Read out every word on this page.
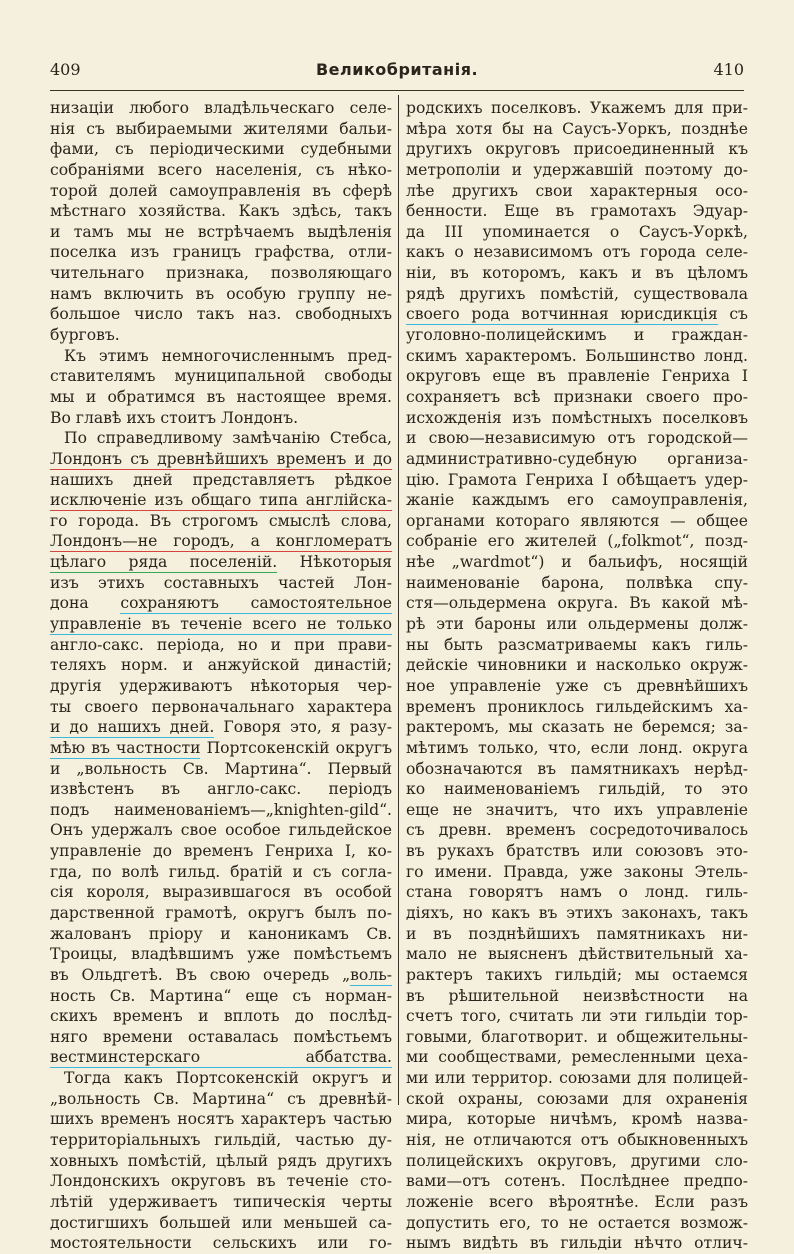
409	Великобританія.	410
низаціи любого владѣльческаго селе-
нія съ выбираемыми жителями бальи-
фами, съ періодическими судебными
собраніями всего населенія, съ нѣко-
торой долей самоуправленія въ сферѣ
мѣстнаго хозяйства. Какъ здѣсь, такъ
и тамъ мы не встрѣчаемъ выдѣленія
поселка изъ границъ графства, отли-
чительнаго признака, позволяющаго
намъ включить въ особую группу не-
большое число такъ наз. свободныхъ
бурговъ.
Къ этимъ немногочисленнымъ пред-
ставителямъ муниципальной свободы
мы и обратимся въ настоящее время.
Во главѣ ихъ стоитъ Лондонъ.
По справедливому замѣчанію Стебса,
Лондонъ съ древнѣйшихъ временъ и до
нашихъ дней представляетъ рѣдкое
исключеніе изъ общаго типа англійска-
го города. Въ строгомъ смыслѣ слова,
Лондонъ—не городъ, а конгломератъ
цѣлаго ряда поселеній. Нѣкоторыя
изъ этихъ составныхъ частей Лон-
дона сохраняютъ самостоятельное
управленіе въ теченіе всего не только
англо-сакс. періода, но и при прави-
теляхъ норм. и анжуйской династій;
другія удерживаютъ нѣкоторыя чер-
ты своего первоначальнаго характера
и до нашихъ дней. Говоря это, я разу-
мѣю въ частности Портсокенскій округъ
и „вольность Св. Мартина“. Первый
извѣстенъ въ англо-сакс. періодъ
подъ наименованіемъ—„knighten-gild“.
Онъ удержалъ свое особое гильдейское
управленіе до временъ Генриха I, ко-
гда, по волѣ гильд. братій и съ согла-
сія короля, выразившагося въ особой
дарственной грамотѣ, округъ былъ по-
жалованъ пріору и каноникамъ Св.
Троицы, владѣвшимъ уже помѣстьемъ
въ Ольдгетѣ. Въ свою очередь „воль-
ность Св. Мартина“ еще съ норман-
скихъ временъ и вплоть до послѣд-
няго времени оставалась помѣстьемъ
вестминстерскаго аббатства.
Тогда какъ Портсокенскій округъ и
„вольность Св. Мартина“ съ древнѣй-
шихъ временъ носятъ характеръ частью
территоріальныхъ гильдій, частью ду-
ховныхъ помѣстій, цѣлый рядъ другихъ
Лондонскихъ округовъ въ теченіе сто-
лѣтій удерживаетъ типическія черты
достигшихъ большей или меньшей са-
мостоятельности сельскихъ или го-
родскихъ поселковъ. Укажемъ для при-
мѣра хотя бы на Саусъ-Уоркъ, позднѣе
другихъ округовъ присоединенный къ
метрополіи и удержавшій поэтому до-
лѣе другихъ свои характерныя осо-
бенности. Еще въ грамотахъ Эдуар-
да III упоминается о Саусъ-Уоркѣ,
какъ о независимомъ отъ города селе-
ніи, въ которомъ, какъ и въ цѣломъ
рядѣ другихъ помѣстій, существовала
своего рода вотчинная юрисдикція съ
уголовно-полицейскимъ и граждан-
скимъ характеромъ. Большинство лонд.
округовъ еще въ правленіе Генриха I
сохраняетъ всѣ признаки своего про-
исхожденія изъ помѣстныхъ поселковъ
и свою—независимую отъ городской—
административно-судебную организа-
цію. Грамота Генриха I обѣщаетъ удер-
жаніе каждымъ его самоуправленія,
органами котораго являются — общее
собраніе его жителей („folkmot“, позд-
нѣе „wardmot“) и бальифъ, носящій
наименованіе барона, полвѣка спу-
стя—ольдермена округа. Въ какой мѣ-
рѣ эти бароны или ольдермены долж-
ны быть разсматриваемы какъ гиль-
дейскіе чиновники и насколько окруж-
ное управленіе уже съ древнѣйшихъ
временъ прониклось гильдейскимъ ха-
рактеромъ, мы сказать не беремся; за-
мѣтимъ только, что, если лонд. округа
обозначаются въ памятникахъ нерѣд-
ко наименованіемъ гильдій, то это
еще не значитъ, что ихъ управленіе
съ древн. временъ сосредоточивалось
въ рукахъ братствъ или союзовъ это-
го имени. Правда, уже законы Этель-
стана говорятъ намъ о лонд. гиль-
діяхъ, но какъ въ этихъ законахъ, такъ
и въ позднѣйшихъ памятникахъ ни-
мало не выясненъ дѣйствительный ха-
рактеръ такихъ гильдій; мы остаемся
въ рѣшительной неизвѣстности на
счетъ того, считать ли эти гильдіи тор-
говыми, благотворит. и общежительны-
ми сообществами, ремесленными цеха-
ми или территор. союзами для полицей-
ской охраны, союзами для охраненія
мира, которые ничѣмъ, кромѣ назва-
нія, не отличаются отъ обыкновенныхъ
полицейскихъ округовъ, другими сло-
вами—отъ сотенъ. Послѣднее предпо-
ложеніе всего вѣроятнѣе. Если разъ
допустить его, то не остается возмож-
нымъ видѣть въ гильдіи нѣчто отлич-
